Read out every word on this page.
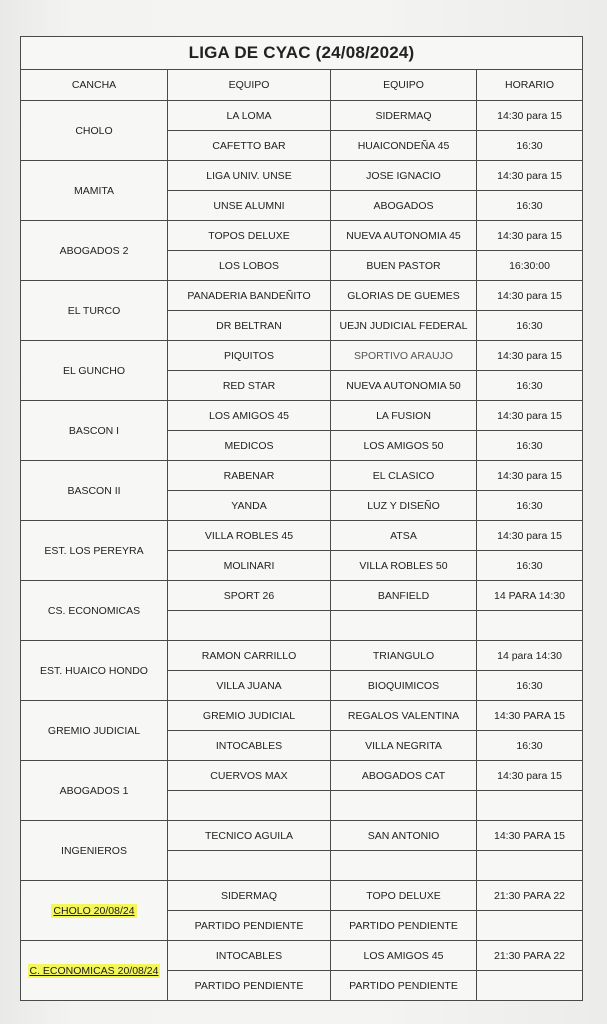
LIGA DE CYAC (24/08/2024)			
CANCHA	EQUIPO	EQUIPO	HORARIO
CHOLO	LA LOMA	SIDERMAQ	14:30 para 15
	CAFETTO BAR	HUAICONDEÑA 45	16:30
MAMITA	LIGA UNIV. UNSE	JOSE IGNACIO	14:30 para 15
	UNSE ALUMNI	ABOGADOS	16:30
ABOGADOS 2	TOPOS DELUXE	NUEVA AUTONOMIA 45	14:30 para 15
	LOS LOBOS	BUEN PASTOR	16:30:00
EL TURCO	PANADERIA BANDEÑITO	GLORIAS DE GUEMES	14:30 para 15
	DR BELTRAN	UEJN JUDICIAL FEDERAL	16:30
EL GUNCHO	PIQUITOS	SPORTIVO ARAUJO	14:30 para 15
	RED STAR	NUEVA AUTONOMIA 50	16:30
BASCON I	LOS AMIGOS 45	LA FUSION	14:30 para 15
	MEDICOS	LOS AMIGOS 50	16:30
BASCON II	RABENAR	EL CLASICO	14:30 para 15
	YANDA	LUZ Y DISEÑO	16:30
EST. LOS PEREYRA	VILLA ROBLES 45	ATSA	14:30 para 15
	MOLINARI	VILLA ROBLES 50	16:30
CS. ECONOMICAS	SPORT 26	BANFIELD	14 PARA 14:30

EST. HUAICO HONDO	RAMON CARRILLO	TRIANGULO	14 para 14:30
	VILLA JUANA	BIOQUIMICOS	16:30
GREMIO JUDICIAL	GREMIO JUDICIAL	REGALOS VALENTINA	14:30 PARA 15
	INTOCABLES	VILLA NEGRITA	16:30
ABOGADOS 1	CUERVOS MAX	ABOGADOS CAT	14:30 para 15

INGENIEROS	TECNICO AGUILA	SAN ANTONIO	14:30 PARA 15

CHOLO 20/08/24	SIDERMAQ	TOPO DELUXE	21:30 PARA 22
	PARTIDO PENDIENTE	PARTIDO PENDIENTE	
C. ECONOMICAS 20/08/24	INTOCABLES	LOS AMIGOS 45	21:30 PARA 22
	PARTIDO PENDIENTE	PARTIDO PENDIENTE	
